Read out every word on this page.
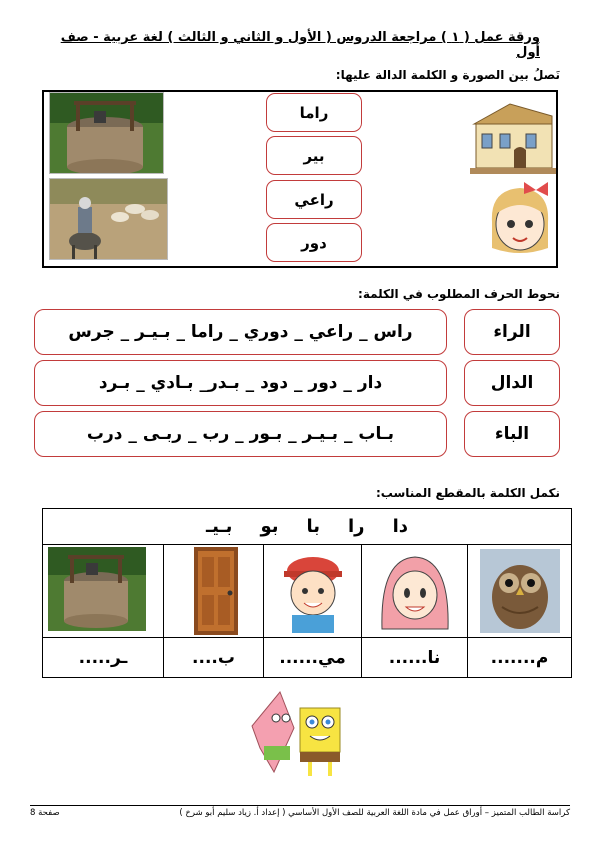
ورقة عمل ( ١ ) مراجعة الدروس ( الأول و الثاني و الثالث ) لغة عربية - صف أول
نَصلُ بين الصورة و الكلمة الدالة عليها:
راما
بير
راعي
دور
نحوط الحرف المطلوب في الكلمة:
راس _ راعي _ دوري _ راما _ بـيـر _ جرس	الراء
دار _ دور _ دود _ بـدر_ بـادي _ بـرد	الدال
بـاب _ بـيـر _ بـور _ رب _ ربـى _ درب	الباء
نكمل الكلمة بالمقطع المناسب:
دا
را
با
بو
بـيـ
م.......
نا......
مي......
ب....
ـر.....
صفحة 8	كراسة الطالب المتميز – أوراق عمل في مادة اللغة العربية للصف الأول الأساسي ( إعداد أ. زياد سليم أبو شرخ )
